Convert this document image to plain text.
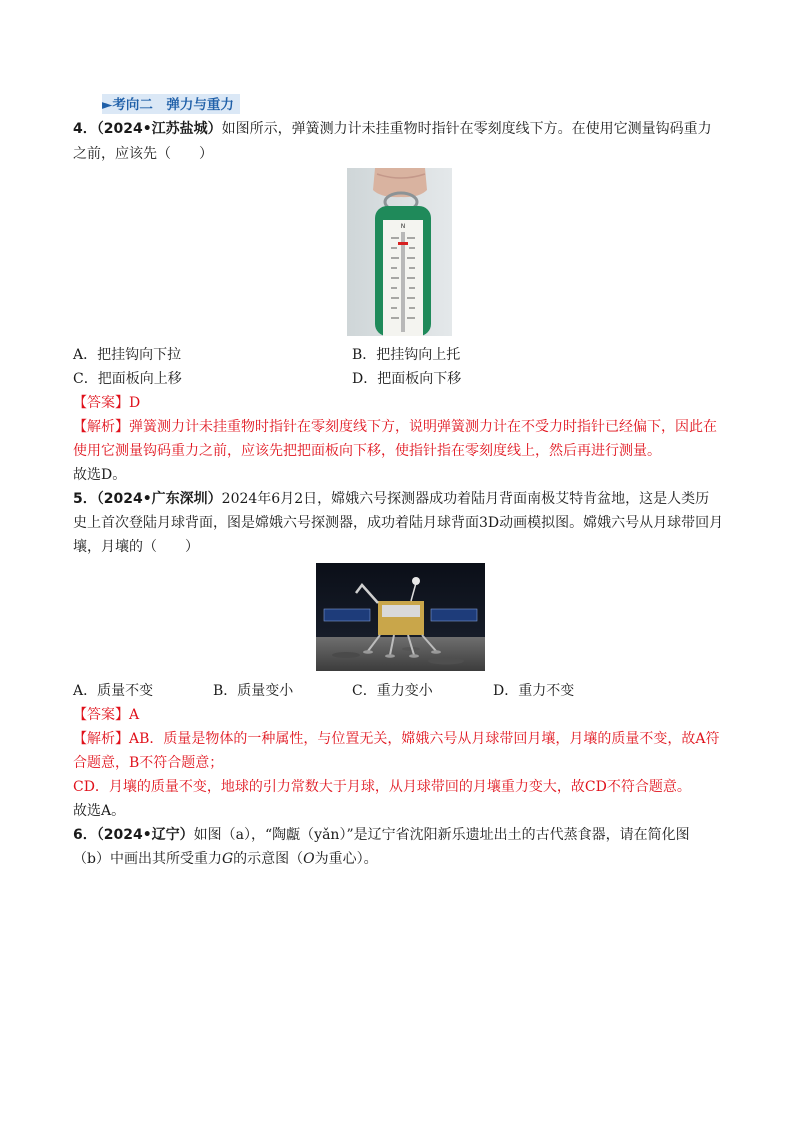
►考向二　弹力与重力
4．（2024•江苏盐城）如图所示，弹簧测力计未挂重物时指针在零刻度线下方。在使用它测量钩码重力
之前，应该先（　　）
N
A．把挂钩向下拉	B．把挂钩向上托
C．把面板向上移	D．把面板向下移
【答案】D
【解析】弹簧测力计未挂重物时指针在零刻度线下方，说明弹簧测力计在不受力时指针已经偏下，因此在
使用它测量钩码重力之前，应该先把把面板向下移，使指针指在零刻度线上，然后再进行测量。
故选D。
5．（2024•广东深圳）2024年6月2日，嫦娥六号探测器成功着陆月背面南极艾特肯盆地，这是人类历
史上首次登陆月球背面，图是嫦娥六号探测器，成功着陆月球背面3D动画模拟图。嫦娥六号从月球带回月
壤，月壤的（　　）
A．质量不变	B．质量变小	C．重力变小	D．重力不变
【答案】A
【解析】AB．质量是物体的一种属性，与位置无关，嫦娥六号从月球带回月壤，月壤的质量不变，故A符
合题意，B不符合题意；
CD．月壤的质量不变，地球的引力常数大于月球，从月球带回的月壤重力变大，故CD不符合题意。
故选A。
6．（2024•辽宁）如图（a），“陶甗（yǎn）”是辽宁省沈阳新乐遗址出土的古代蒸食器，请在简化图
（b）中画出其所受重力G的示意图（O为重心）。
